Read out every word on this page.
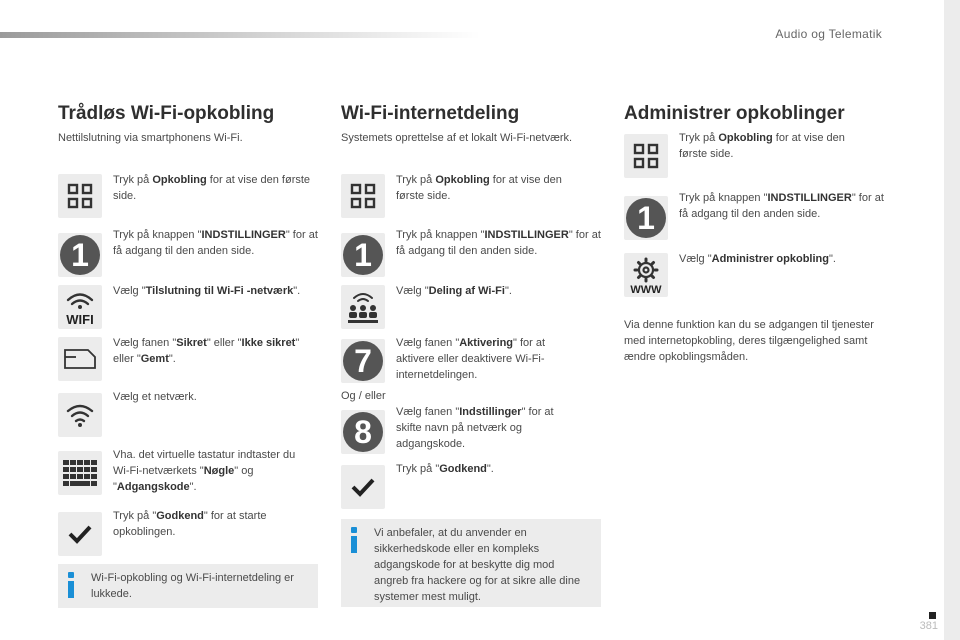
Audio og Telematik
Trådløs Wi-Fi-opkobling
Nettilslutning via smartphonens Wi-Fi.
Tryk på Opkobling for at vise den første side.
1
Tryk på knappen "INDSTILLINGER" for at få adgang til den anden side.
WIFI
Vælg "Tilslutning til Wi-Fi -netværk".
Vælg fanen "Sikret" eller "Ikke sikret" eller "Gemt".
Vælg et netværk.
Vha. det virtuelle tastatur indtaster du Wi-Fi-netværkets "Nøgle" og "Adgangskode".
Tryk på "Godkend" for at starte opkoblingen.
Wi-Fi-opkobling og Wi-Fi-internetdeling er lukkede.
Wi-Fi-internetdeling
Systemets oprettelse af et lokalt Wi-Fi-netværk.
Tryk på Opkobling for at vise den første side.
1
Tryk på knappen "INDSTILLINGER" for at få adgang til den anden side.
Vælg "Deling af Wi-Fi".
7	Vælg fanen "Aktivering" for at aktivere eller deaktivere Wi-Fi-internetdelingen.
Og / eller
8
Vælg fanen "Indstillinger" for at skifte navn på netværk og adgangskode.
Tryk på "Godkend".
Vi anbefaler, at du anvender en sikkerhedskode eller en kompleks adgangskode for at beskytte dig mod angreb fra hackere og for at sikre alle dine systemer mest muligt.
Administrer opkoblinger
Tryk på Opkobling for at vise den første side.
1
Tryk på knappen "INDSTILLINGER" for at få adgang til den anden side.
WWW
Vælg "Administrer opkobling".
Via denne funktion kan du se adgangen til tjenester med internetopkobling, deres tilgængelighed samt ændre opkoblingsmåden.
381
